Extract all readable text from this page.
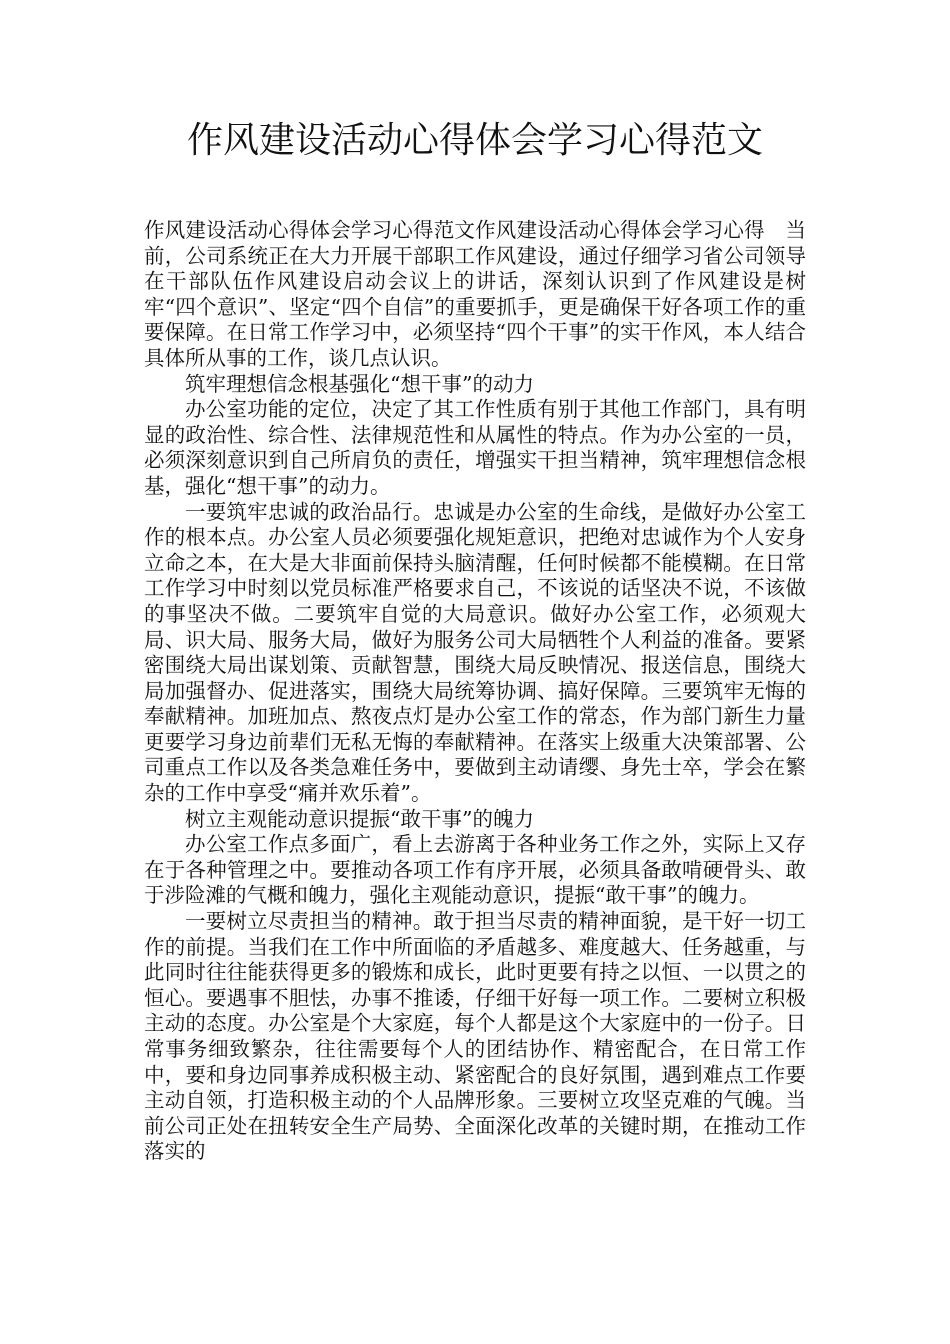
作风建设活动心得体会学习心得范文

作风建设活动心得体会学习心得范文作风建设活动心得体会学习心得　当前，公司系统正在大力开展干部职工作风建设，通过仔细学习省公司领导在干部队伍作风建设启动会议上的讲话，深刻认识到了作风建设是树牢“四个意识”、坚定“四个自信”的重要抓手，更是确保干好各项工作的重要保障。在日常工作学习中，必须坚持“四个干事”的实干作风，本人结合具体所从事的工作，谈几点认识。

筑牢理想信念根基强化“想干事”的动力

办公室功能的定位，决定了其工作性质有别于其他工作部门，具有明显的政治性、综合性、法律规范性和从属性的特点。作为办公室的一员，必须深刻意识到自己所肩负的责任，增强实干担当精神，筑牢理想信念根基，强化“想干事”的动力。

一要筑牢忠诚的政治品行。忠诚是办公室的生命线，是做好办公室工作的根本点。办公室人员必须要强化规矩意识，把绝对忠诚作为个人安身立命之本，在大是大非面前保持头脑清醒，任何时候都不能模糊。在日常工作学习中时刻以党员标准严格要求自己，不该说的话坚决不说，不该做的事坚决不做。二要筑牢自觉的大局意识。做好办公室工作，必须观大局、识大局、服务大局，做好为服务公司大局牺牲个人利益的准备。要紧密围绕大局出谋划策、贡献智慧，围绕大局反映情况、报送信息，围绕大局加强督办、促进落实，围绕大局统筹协调、搞好保障。三要筑牢无悔的奉献精神。加班加点、熬夜点灯是办公室工作的常态，作为部门新生力量更要学习身边前辈们无私无悔的奉献精神。在落实上级重大决策部署、公司重点工作以及各类急难任务中，要做到主动请缨、身先士卒，学会在繁杂的工作中享受“痛并欢乐着”。

树立主观能动意识提振“敢干事”的魄力

办公室工作点多面广，看上去游离于各种业务工作之外，实际上又存在于各种管理之中。要推动各项工作有序开展，必须具备敢啃硬骨头、敢于涉险滩的气概和魄力，强化主观能动意识，提振“敢干事”的魄力。

一要树立尽责担当的精神。敢于担当尽责的精神面貌，是干好一切工作的前提。当我们在工作中所面临的矛盾越多、难度越大、任务越重，与此同时往往能获得更多的锻炼和成长，此时更要有持之以恒、一以贯之的恒心。要遇事不胆怯，办事不推诿，仔细干好每一项工作。二要树立积极主动的态度。办公室是个大家庭，每个人都是这个大家庭中的一份子。日常事务细致繁杂，往往需要每个人的团结协作、精密配合，在日常工作中，要和身边同事养成积极主动、紧密配合的良好氛围，遇到难点工作要主动自领，打造积极主动的个人品牌形象。三要树立攻坚克难的气魄。当前公司正处在扭转安全生产局势、全面深化改革的关键时期，在推动工作落实的
